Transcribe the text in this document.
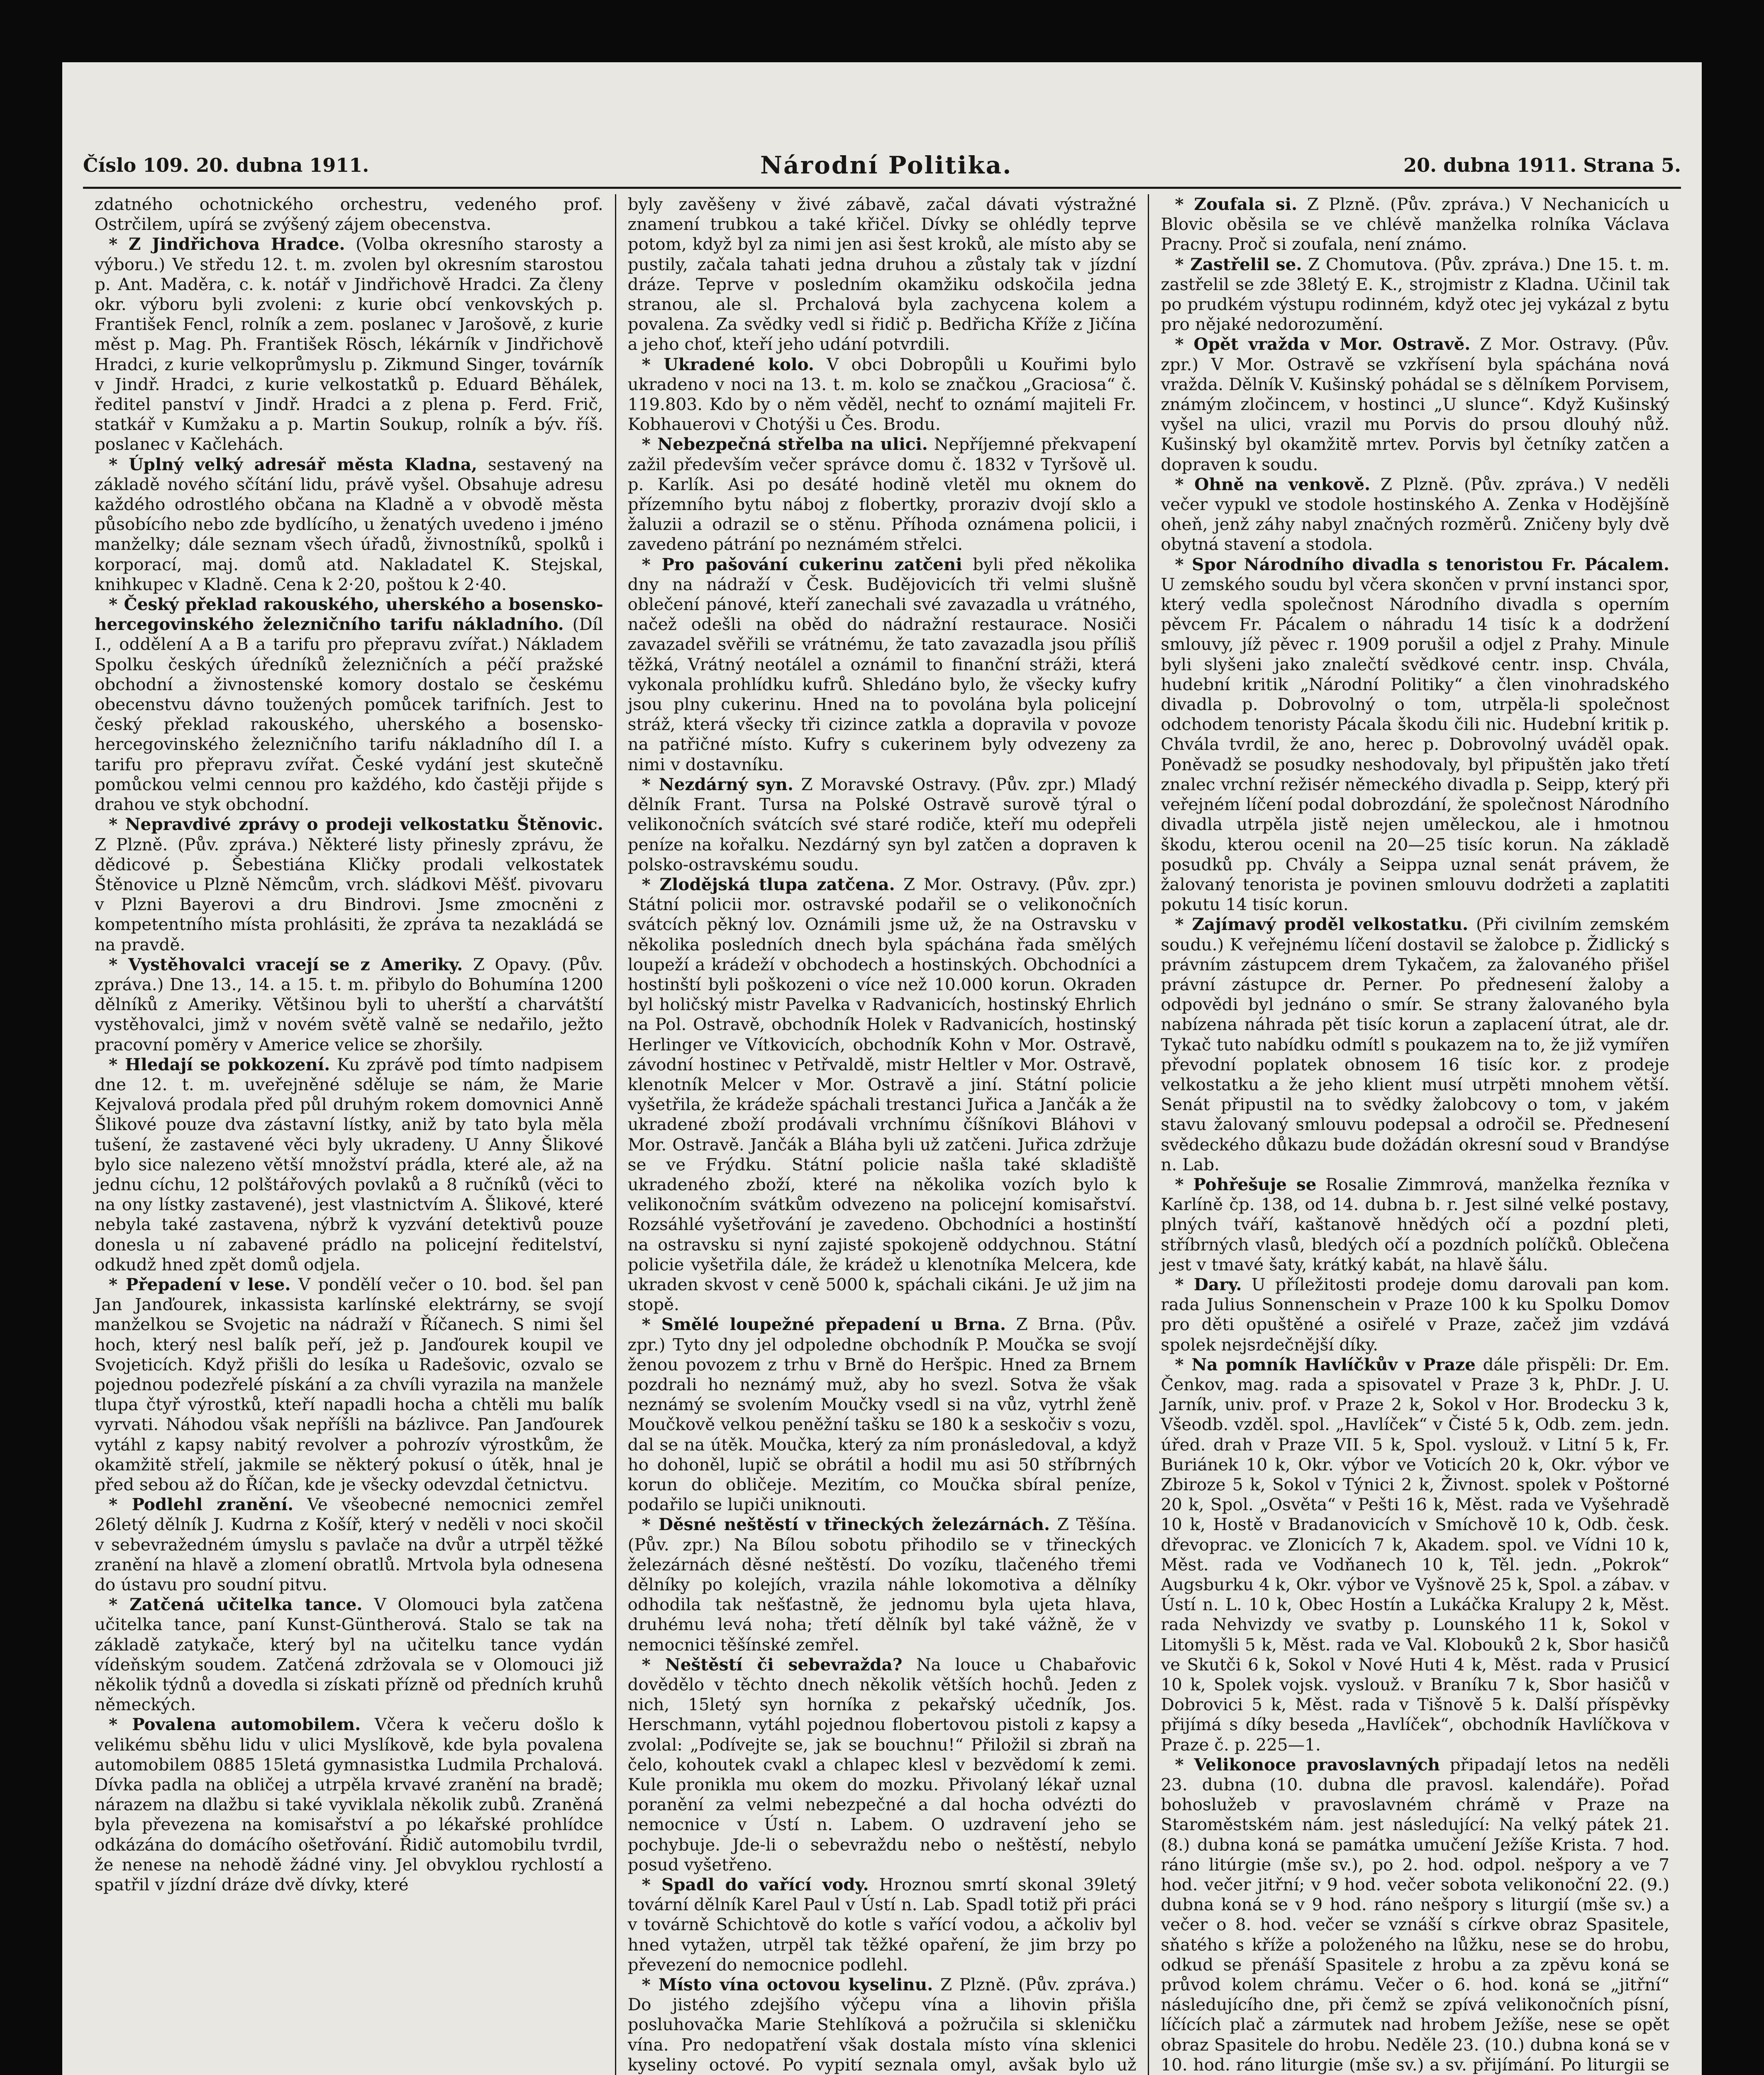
Číslo 109. 20. dubna 1911.	Národní Politika.	20. dubna 1911. Strana 5.

zdatného ochotnického orchestru, vedeného prof. Ostrčilem, upírá se zvýšený zájem obecenstva.

* Z Jindřichova Hradce. (Volba okresního starosty a výboru.) Ve středu 12. t. m. zvolen byl okresním starostou p. Ant. Maděra, c. k. notář v Jindřichově Hradci. Za členy okr. výboru byli zvoleni: z kurie obcí venkovských p. František Fencl, rolník a zem. poslanec v Jarošově, z kurie měst p. Mag. Ph. František Rösch, lékárník v Jindřichově Hradci, z kurie velkoprůmyslu p. Zikmund Singer, továrník v Jindř. Hradci, z kurie velkostatků p. Eduard Běhálek, ředitel panství v Jindř. Hradci a z plena p. Ferd. Frič, statkář v Kumžaku a p. Martin Soukup, rolník a býv. říš. poslanec v Kačlehách.

* Úplný velký adresář města Kladna, sestavený na základě nového sčítání lidu, právě vyšel. Obsahuje adresu každého odrostlého občana na Kladně a v obvodě města působícího nebo zde bydlícího, u ženatých uvedeno i jméno manželky; dále seznam všech úřadů, živnostníků, spolků i korporací, maj. domů atd. Nakladatel K. Stejskal, knihkupec v Kladně. Cena k 2·20, poštou k 2·40.

* Český překlad rakouského, uherského a bosensko-hercegovinského železničního tarifu nákladního. (Díl I., oddělení A a B a tarifu pro přepravu zvířat.) Nákladem Spolku českých úředníků železničních a péčí pražské obchodní a živnostenské komory dostalo se českému obecenstvu dávno toužených pomůcek tarifních. Jest to český překlad rakouského, uherského a bosensko-hercegovinského železničního tarifu nákladního díl I. a tarifu pro přepravu zvířat. České vydání jest skutečně pomůckou velmi cennou pro každého, kdo častěji přijde s drahou ve styk obchodní.

* Nepravdivé zprávy o prodeji velkostatku Štěnovic. Z Plzně. (Pův. zpráva.) Některé listy přinesly zprávu, že dědicové p. Šebestiána Kličky prodali velkostatek Štěnovice u Plzně Němcům, vrch. sládkovi Měšť. pivovaru v Plzni Bayerovi a dru Bindrovi. Jsme zmocněni z kompetentního místa prohlásiti, že zpráva ta nezakládá se na pravdě.

* Vystěhovalci vracejí se z Ameriky. Z Opavy. (Pův. zpráva.) Dne 13., 14. a 15. t. m. přibylo do Bohumína 1200 dělníků z Ameriky. Většinou byli to uherští a charvátští vystěhovalci, jimž v novém světě valně se nedařilo, ježto pracovní poměry v Americe velice se zhoršily.

* Hledají se pokkození. Ku zprávě pod tímto nadpisem dne 12. t. m. uveřejněné sděluje se nám, že Marie Kejvalová prodala před půl druhým rokem domovnici Anně Šlikové pouze dva zástavní lístky, aniž by tato byla měla tušení, že zastavené věci byly ukradeny. U Anny Šlikové bylo sice nalezeno větší množství prádla, které ale, až na jednu cíchu, 12 polštářových povlaků a 8 ručníků (věci to na ony lístky zastavené), jest vlastnictvím A. Šlikové, které nebyla také zastavena, nýbrž k vyzvání detektivů pouze donesla u ní zabavené prádlo na policejní ředitelství, odkudž hned zpět domů odjela.

* Přepadení v lese. V pondělí večer o 10. bod. šel pan Jan Janďourek, inkassista karlínské elektrárny, se svojí manželkou se Svojetic na nádraží v Říčanech. S nimi šel hoch, který nesl balík peří, jež p. Janďourek koupil ve Svojeticích. Když přišli do lesíka u Radešovic, ozvalo se pojednou podezřelé pískání a za chvíli vyrazila na manžele tlupa čtyř výrostků, kteří napadli hocha a chtěli mu balík vyrvati. Náhodou však nepříšli na bázlivce. Pan Janďourek vytáhl z kapsy nabitý revolver a pohrozív výrostkům, že okamžitě střelí, jakmile se některý pokusí o útěk, hnal je před sebou až do Říčan, kde je všecky odevzdal četnictvu.

* Podlehl zranění. Ve všeobecné nemocnici zemřel 26letý dělník J. Kudrna z Košíř, který v neděli v noci skočil v sebevražedném úmyslu s pavlače na dvůr a utrpěl těžké zranění na hlavě a zlomení obratlů. Mrtvola byla odnesena do ústavu pro soudní pitvu.

* Zatčená učitelka tance. V Olomouci byla zatčena učitelka tance, paní Kunst-Güntherová. Stalo se tak na základě zatykače, který byl na učitelku tance vydán vídeňským soudem. Zatčená zdržovala se v Olomouci již několik týdnů a dovedla si získati přízně od předních kruhů německých.

* Povalena automobilem. Včera k večeru došlo k velikému sběhu lidu v ulici Myslíkově, kde byla povalena automobilem 0885 15letá gymnasistka Ludmila Prchalová. Dívka padla na obličej a utrpěla krvavé zranění na bradě; nárazem na dlažbu si také vyviklala několik zubů. Zraněná byla převezena na komisařství a po lékařské prohlídce odkázána do domácího ošetřování. Řidič automobilu tvrdil, že nenese na nehodě žádné viny. Jel obvyklou rychlostí a spatřil v jízdní dráze dvě dívky, které

byly zavěšeny v živé zábavě, začal dávati výstražné znamení trubkou a také křičel. Dívky se ohlédly teprve potom, když byl za nimi jen asi šest kroků, ale místo aby se pustily, začala tahati jedna druhou a zůstaly tak v jízdní dráze. Teprve v posledním okamžiku odskočila jedna stranou, ale sl. Prchalová byla zachycena kolem a povalena. Za svědky vedl si řidič p. Bedřicha Kříže z Jičína a jeho choť, kteří jeho udání potvrdili.

* Ukradené kolo. V obci Dobropůli u Kouřimi bylo ukradeno v noci na 13. t. m. kolo se značkou „Graciosa“ č. 119.803. Kdo by o něm věděl, nechť to oznámí majiteli Fr. Kobhauerovi v Chotýši u Čes. Brodu.

* Nebezpečná střelba na ulici. Nepříjemné překvapení zažil především večer správce domu č. 1832 v Tyršově ul. p. Karlík. Asi po desáté hodině vletěl mu oknem do přízemního bytu náboj z flobertky, proraziv dvojí sklo a žaluzii a odrazil se o stěnu. Příhoda oznámena policii, i zavedeno pátrání po neznámém střelci.

* Pro pašování cukerinu zatčeni byli před několika dny na nádraží v Česk. Budějovicích tři velmi slušně oblečení pánové, kteří zanechali své zavazadla u vrátného, načež odešli na oběd do nádražní restaurace. Nosiči zavazadel svěřili se vrátnému, že tato zavazadla jsou příliš těžká, Vrátný neotálel a oznámil to finanční stráži, která vykonala prohlídku kufrů. Shledáno bylo, že všecky kufry jsou plny cukerinu. Hned na to povolána byla policejní stráž, která všecky tři cizince zatkla a dopravila v povoze na patřičné místo. Kufry s cukerinem byly odvezeny za nimi v dostavníku.

* Nezdárný syn. Z Moravské Ostravy. (Pův. zpr.) Mladý dělník Frant. Tursa na Polské Ostravě surově týral o velikonočních svátcích své staré rodiče, kteří mu odepřeli peníze na kořalku. Nezdárný syn byl zatčen a dopraven k polsko-ostravskému soudu.

* Zlodějská tlupa zatčena. Z Mor. Ostravy. (Pův. zpr.) Státní policii mor. ostravské podařil se o velikonočních svátcích pěkný lov. Oznámili jsme už, že na Ostravsku v několika posledních dnech byla spáchána řada smělých loupeží a krádeží v obchodech a hostinských. Obchodníci a hostinští byli poškozeni o více než 10.000 korun. Okraden byl holičský mistr Pavelka v Radvanicích, hostinský Ehrlich na Pol. Ostravě, obchodník Holek v Radvanicích, hostinský Herlinger ve Vítkovicích, obchodník Kohn v Mor. Ostravě, závodní hostinec v Petřvaldě, mistr Heltler v Mor. Ostravě, klenotník Melcer v Mor. Ostravě a jiní. Státní policie vyšetřila, že krádeže spáchali trestanci Juřica a Jančák a že ukradené zboží prodávali vrchnímu číšníkovi Bláhovi v Mor. Ostravě. Jančák a Bláha byli už zatčeni. Juřica zdržuje se ve Frýdku. Státní policie našla také skladiště ukradeného zboží, které na několika vozích bylo k velikonočním svátkům odvezeno na policejní komisařství. Rozsáhlé vyšetřování je zavedeno. Obchodníci a hostinští na ostravsku si nyní zajisté spokojeně oddychnou. Státní policie vyšetřila dále, že krádež u klenotníka Melcera, kde ukraden skvost v ceně 5000 k, spáchali cikáni. Je už jim na stopě.

* Smělé loupežné přepadení u Brna. Z Brna. (Pův. zpr.) Tyto dny jel odpoledne obchodník P. Moučka se svojí ženou povozem z trhu v Brně do Heršpic. Hned za Brnem pozdrali ho neznámý muž, aby ho svezl. Sotva že však neznámý se svolením Moučky vsedl si na vůz, vytrhl ženě Moučkově velkou peněžní tašku se 180 k a seskočiv s vozu, dal se na útěk. Moučka, který za ním pronásledoval, a když ho dohoněl, lupič se obrátil a hodil mu asi 50 stříbrných korun do obličeje. Mezitím, co Moučka sbíral peníze, podařilo se lupiči uniknouti.

* Děsné neštěstí v třineckých železárnách. Z Těšína. (Pův. zpr.) Na Bílou sobotu přihodilo se v třineckých železárnách děsné neštěstí. Do vozíku, tlačeného třemi dělníky po kolejích, vrazila náhle lokomotiva a dělníky odhodila tak nešťastně, že jednomu byla ujeta hlava, druhému levá noha; třetí dělník byl také vážně, že v nemocnici těšínské zemřel.

* Neštěstí či sebevražda? Na louce u Chabařovic dovědělo v těchto dnech několik větších hochů. Jeden z nich, 15letý syn horníka z pekařský učedník, Jos. Herschmann, vytáhl pojednou flobertovou pistoli z kapsy a zvolal: „Podívejte se, jak se bouchnu!“ Přiložil si zbraň na čelo, kohoutek cvakl a chlapec klesl v bezvědomí k zemi. Kule pronikla mu okem do mozku. Přivolaný lékař uznal poranění za velmi nebezpečné a dal hocha odvézti do nemocnice v Ústí n. Labem. O uzdravení jeho se pochybuje. Jde-li o sebevraždu nebo o neštěstí, nebylo posud vyšetřeno.

* Spadl do vařící vody. Hroznou smrtí skonal 39letý tovární dělník Karel Paul v Ústí n. Lab. Spadl totiž při práci v továrně Schichtově do kotle s vařící vodou, a ačkoliv byl hned vytažen, utrpěl tak těžké opaření, že jim brzy po převezení do nemocnice podlehl.

* Místo vína octovou kyselinu. Z Plzně. (Pův. zpráva.) Do jistého zdejšího výčepu vína a lihovin přišla posluhovačka Marie Stehlíková a požručila si skleničku vína. Pro nedopatření však dostala místo vína sklenici kyseliny octové. Po vypití seznala omyl, avšak bylo už

* Zoufala si. Z Plzně. (Pův. zpráva.) V Nechanicích u Blovic oběsila se ve chlévě manželka rolníka Václava Pracny. Proč si zoufala, není známo.

* Zastřelil se. Z Chomutova. (Pův. zpráva.) Dne 15. t. m. zastřelil se zde 38letý E. K., strojmistr z Kladna. Učinil tak po prudkém výstupu rodinném, když otec jej vykázal z bytu pro nějaké nedorozumění.

* Opět vražda v Mor. Ostravě. Z Mor. Ostravy. (Pův. zpr.) V Mor. Ostravě se vzkřísení byla spáchána nová vražda. Dělník V. Kušinský pohádal se s dělníkem Porvisem, známým zločincem, v hostinci „U slunce“. Když Kušinský vyšel na ulici, vrazil mu Porvis do prsou dlouhý nůž. Kušinský byl okamžitě mrtev. Porvis byl četníky zatčen a dopraven k soudu.

* Ohně na venkově. Z Plzně. (Pův. zpráva.) V neděli večer vypukl ve stodole hostinského A. Zenka v Hodějšíně oheň, jenž záhy nabyl značných rozměrů. Zničeny byly dvě obytná stavení a stodola.

* Spor Národního divadla s tenoristou Fr. Pácalem. U zemského soudu byl včera skončen v první instanci spor, který vedla společnost Národního divadla s operním pěvcem Fr. Pácalem o náhradu 14 tisíc k a dodržení smlouvy, jíž pěvec r. 1909 porušil a odjel z Prahy. Minule byli slyšeni jako znalečtí svědkové centr. insp. Chvála, hudební kritik „Národní Politiky“ a člen vinohradského divadla p. Dobrovolný o tom, utrpěla-li společnost odchodem tenoristy Pácala škodu čili nic. Hudební kritik p. Chvála tvrdil, že ano, herec p. Dobrovolný uváděl opak. Poněvadž se posudky neshodovaly, byl připuštěn jako třetí znalec vrchní režisér německého divadla p. Seipp, který při veřejném líčení podal dobrozdání, že společnost Národního divadla utrpěla jistě nejen uměleckou, ale i hmotnou škodu, kterou ocenil na 20—25 tisíc korun. Na základě posudků pp. Chvály a Seippa uznal senát právem, že žalovaný tenorista je povinen smlouvu dodržeti a zaplatiti pokutu 14 tisíc korun.

* Zajímavý proděl velkostatku. (Při civilním zemském soudu.) K veřejnému líčení dostavil se žalobce p. Židlický s právním zástupcem drem Tykačem, za žalovaného přišel právní zástupce dr. Perner. Po přednesení žaloby a odpovědi byl jednáno o smír. Se strany žalovaného byla nabízena náhrada pět tisíc korun a zaplacení útrat, ale dr. Tykač tuto nabídku odmítl s poukazem na to, že již vymířen převodní poplatek obnosem 16 tisíc kor. z prodeje velkostatku a že jeho klient musí utrpěti mnohem větší. Senát připustil na to svědky žalobcovy o tom, v jakém stavu žalovaný smlouvu podepsal a odročil se. Přednesení svědeckého důkazu bude dožádán okresní soud v Brandýse n. Lab.

* Pohřešuje se Rosalie Zimmrová, manželka řezníka v Karlíně čp. 138, od 14. dubna b. r. Jest silné velké postavy, plných tváří, kaštanově hnědých očí a pozdní pleti, stříbrných vlasů, bledých očí a pozdních políčků. Oblečena jest v tmavé šaty, krátký kabát, na hlavě šálu.

* Dary. U příležitosti prodeje domu darovali pan kom. rada Julius Sonnenschein v Praze 100 k ku Spolku Domov pro děti opuštěné a osiřelé v Praze, začež jim vzdává spolek nejsrdečnější díky.

* Na pomník Havlíčkův v Praze dále přispěli: Dr. Em. Čenkov, mag. rada a spisovatel v Praze 3 k, PhDr. J. U. Jarník, univ. prof. v Praze 2 k, Sokol v Hor. Brodecku 3 k, Všeodb. vzděl. spol. „Havlíček“ v Čisté 5 k, Odb. zem. jedn. úřed. drah v Praze VII. 5 k, Spol. vyslouž. v Litní 5 k, Fr. Buriánek 10 k, Okr. výbor ve Voticích 20 k, Okr. výbor ve Zbiroze 5 k, Sokol v Týnici 2 k, Živnost. spolek v Poštorné 20 k, Spol. „Osvěta“ v Pešti 16 k, Měst. rada ve Vyšehradě 10 k, Hostě v Bradanovicích v Smíchově 10 k, Odb. česk. dřevoprac. ve Zlonicích 7 k, Akadem. spol. ve Vídni 10 k, Měst. rada ve Vodňanech 10 k, Těl. jedn. „Pokrok“ Augsburku 4 k, Okr. výbor ve Vyšnově 25 k, Spol. a zábav. v Ústí n. L. 10 k, Obec Hostín a Lukáčka Kralupy 2 k, Měst. rada Nehvizdy ve svatby p. Lounského 11 k, Sokol v Litomyšli 5 k, Měst. rada ve Val. Klobouků 2 k, Sbor hasičů ve Skutči 6 k, Sokol v Nové Huti 4 k, Měst. rada v Prusicí 10 k, Spolek vojsk. vyslouž. v Braníku 7 k, Sbor hasičů v Dobrovici 5 k, Měst. rada v Tišnově 5 k. Další příspěvky přijímá s díky beseda „Havlíček“, obchodník Havlíčkova v Praze č. p. 225—1.

* Velikonoce pravoslavných připadají letos na neděli 23. dubna (10. dubna dle pravosl. kalendáře). Pořad bohoslužeb v pravoslavném chrámě v Praze na Staroměstském nám. jest následující: Na velký pátek 21. (8.) dubna koná se památka umučení Ježíše Krista. 7 hod. ráno litúrgie (mše sv.), po 2. hod. odpol. nešpory a ve 7 hod. večer jitřní; v 9 hod. večer sobota velikonoční 22. (9.) dubna koná se v 9 hod. ráno nešpory s liturgií (mše sv.) a večer o 8. hod. večer se vznáší s církve obraz Spasitele, sňatého s kříže a položeného na lůžku, nese se do hrobu, odkud se přenáší Spasitele z hrobu a za zpěvu koná se průvod kolem chrámu. Večer o 6. hod. koná se „jitřní“ následujícího dne, při čemž se zpívá velikonočních písní, líčících plač a zármutek nad hrobem Ježíše, nese se opět obraz Spasitele do hrobu. Neděle 23. (10.) dubna koná se v 10. hod. ráno liturgie (mše sv.) a sv. přijímání. Po liturgii se
